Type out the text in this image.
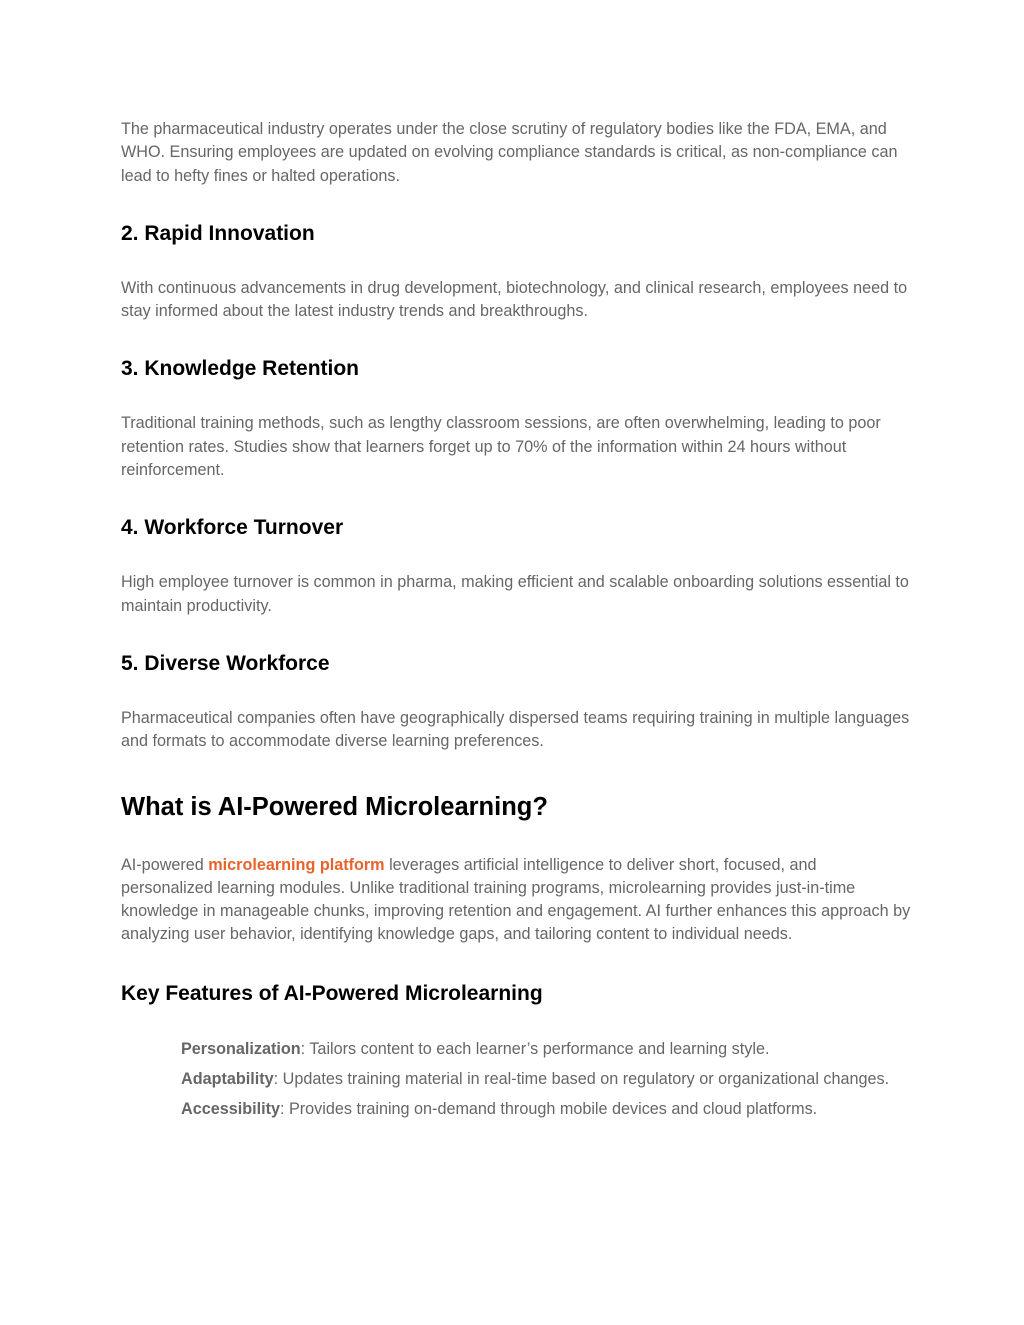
The pharmaceutical industry operates under the close scrutiny of regulatory bodies like the FDA, EMA, and WHO. Ensuring employees are updated on evolving compliance standards is critical, as non-compliance can lead to hefty fines or halted operations.

2. Rapid Innovation

With continuous advancements in drug development, biotechnology, and clinical research, employees need to stay informed about the latest industry trends and breakthroughs.

3. Knowledge Retention

Traditional training methods, such as lengthy classroom sessions, are often overwhelming, leading to poor retention rates. Studies show that learners forget up to 70% of the information within 24 hours without reinforcement.

4. Workforce Turnover

High employee turnover is common in pharma, making efficient and scalable onboarding solutions essential to maintain productivity.

5. Diverse Workforce

Pharmaceutical companies often have geographically dispersed teams requiring training in multiple languages and formats to accommodate diverse learning preferences.

What is AI-Powered Microlearning?

AI-powered microlearning platform leverages artificial intelligence to deliver short, focused, and personalized learning modules. Unlike traditional training programs, microlearning provides just-in-time knowledge in manageable chunks, improving retention and engagement. AI further enhances this approach by analyzing user behavior, identifying knowledge gaps, and tailoring content to individual needs.

Key Features of AI-Powered Microlearning
Personalization: Tailors content to each learner’s performance and learning style.
Adaptability: Updates training material in real-time based on regulatory or organizational changes.
Accessibility: Provides training on-demand through mobile devices and cloud platforms.
